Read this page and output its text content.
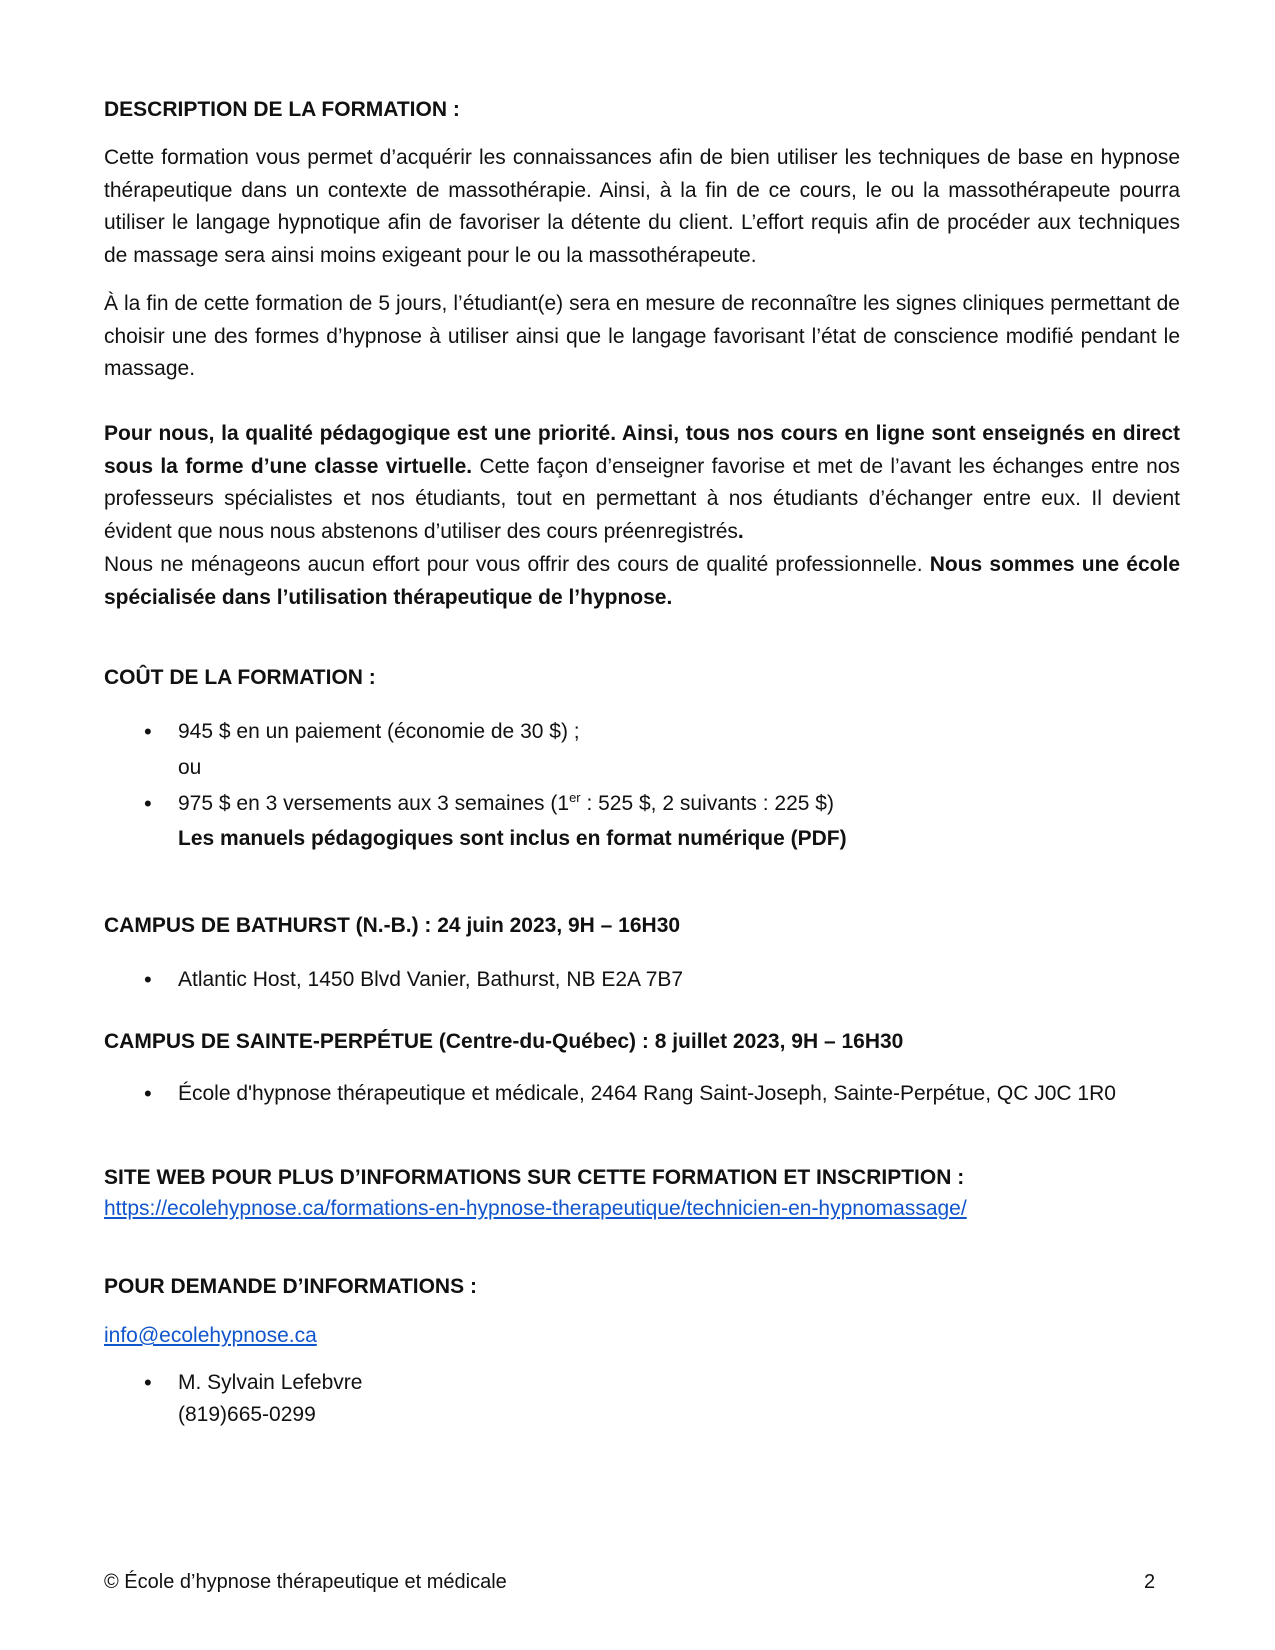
DESCRIPTION DE LA FORMATION :

Cette formation vous permet d’acquérir les connaissances afin de bien utiliser les techniques de base en hypnose thérapeutique dans un contexte de massothérapie. Ainsi, à la fin de ce cours, le ou la massothérapeute pourra utiliser le langage hypnotique afin de favoriser la détente du client. L’effort requis afin de procéder aux techniques de massage sera ainsi moins exigeant pour le ou la massothérapeute.

À la fin de cette formation de 5 jours, l’étudiant(e) sera en mesure de reconnaître les signes cliniques permettant de choisir une des formes d’hypnose à utiliser ainsi que le langage favorisant l’état de conscience modifié pendant le massage.

Pour nous, la qualité pédagogique est une priorité. Ainsi, tous nos cours en ligne sont enseignés en direct sous la forme d’une classe virtuelle. Cette façon d’enseigner favorise et met de l’avant les échanges entre nos professeurs spécialistes et nos étudiants, tout en permettant à nos étudiants d’échanger entre eux. Il devient évident que nous nous abstenons d’utiliser des cours préenregistrés.

Nous ne ménageons aucun effort pour vous offrir des cours de qualité professionnelle. Nous sommes une école spécialisée dans l’utilisation thérapeutique de l’hypnose.

COÛT DE LA FORMATION :

• 945 $ en un paiement (économie de 30 $) ;
ou
• 975 $ en 3 versements aux 3 semaines (1er : 525 $, 2 suivants : 225 $)
Les manuels pédagogiques sont inclus en format numérique (PDF)

CAMPUS DE BATHURST (N.-B.) : 24 juin 2023, 9H – 16H30

• Atlantic Host, 1450 Blvd Vanier, Bathurst, NB E2A 7B7

CAMPUS DE SAINTE-PERPÉTUE (Centre-du-Québec) : 8 juillet 2023, 9H – 16H30

• École d'hypnose thérapeutique et médicale, 2464 Rang Saint-Joseph, Sainte-Perpétue, QC J0C 1R0

SITE WEB POUR PLUS D’INFORMATIONS SUR CETTE FORMATION ET INSCRIPTION :

https://ecolehypnose.ca/formations-en-hypnose-therapeutique/technicien-en-hypnomassage/

POUR DEMANDE D’INFORMATIONS :

info@ecolehypnose.ca
• M. Sylvain Lefebvre
(819)665-0299
© École d’hypnose thérapeutique et médicale	2
